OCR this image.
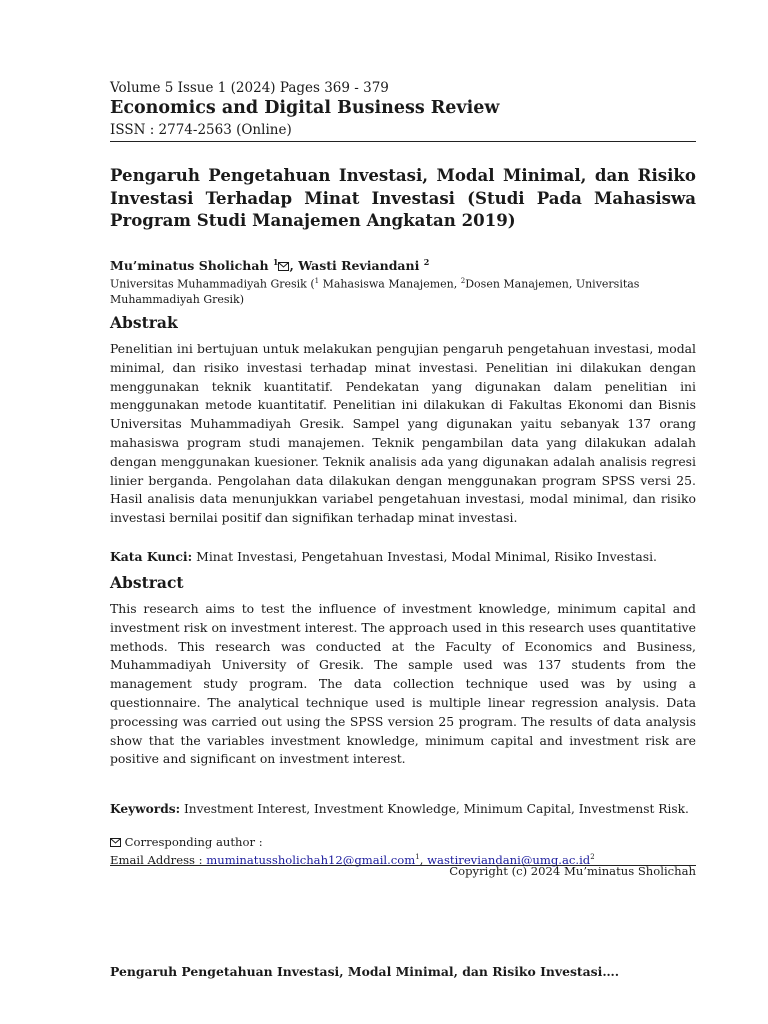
Volume 5 Issue 1 (2024) Pages 369 - 379
Economics and Digital Business Review
ISSN : 2774-2563 (Online)
Pengaruh Pengetahuan Investasi, Modal Minimal, dan Risiko Investasi Terhadap Minat Investasi (Studi Pada Mahasiswa Program Studi Manajemen Angkatan 2019)
Mu’minatus Sholichah $^1$ , Wasti Reviandani $^2$
Universitas Muhammadiyah Gresik ($^1$ Mahasiswa Manajemen, $^2$Dosen Manajemen, Universitas Muhammadiyah Gresik)
Abstrak
Penelitian ini bertujuan untuk melakukan pengujian pengaruh pengetahuan investasi, modal minimal, dan risiko investasi terhadap minat investasi. Penelitian ini dilakukan dengan menggunakan teknik kuantitatif. Pendekatan yang digunakan dalam penelitian ini menggunakan metode kuantitatif. Penelitian ini dilakukan di Fakultas Ekonomi dan Bisnis Universitas Muhammadiyah Gresik. Sampel yang digunakan yaitu sebanyak 137 orang mahasiswa program studi manajemen. Teknik pengambilan data yang dilakukan adalah dengan menggunakan kuesioner. Teknik analisis ada yang digunakan adalah analisis regresi linier berganda. Pengolahan data dilakukan dengan menggunakan program SPSS versi 25. Hasil analisis data menunjukkan variabel pengetahuan investasi, modal minimal, dan risiko investasi bernilai positif dan signifikan terhadap minat investasi.
Kata Kunci: Minat Investasi, Pengetahuan Investasi, Modal Minimal, Risiko Investasi.
Abstract
This research aims to test the influence of investment knowledge, minimum capital and investment risk on investment interest. The approach used in this research uses quantitative methods. This research was conducted at the Faculty of Economics and Business, Muhammadiyah University of Gresik. The sample used was 137 students from the management study program. The data collection technique used was by using a questionnaire. The analytical technique used is multiple linear regression analysis. Data processing was carried out using the SPSS version 25 program. The results of data analysis show that the variables investment knowledge, minimum capital and investment risk are positive and significant on investment interest.
Keywords: Investment Interest, Investment Knowledge, Minimum Capital, Investmenst Risk.
Corresponding author :
Email Address : muminatussholichah12@gmail.com$^1$, $wastireviandani@umg.ac.id^2$
Copyright (c) 2024 Mu’minatus Sholichah
Pengaruh Pengetahuan Investasi, Modal Minimal, dan Risiko Investasi….
